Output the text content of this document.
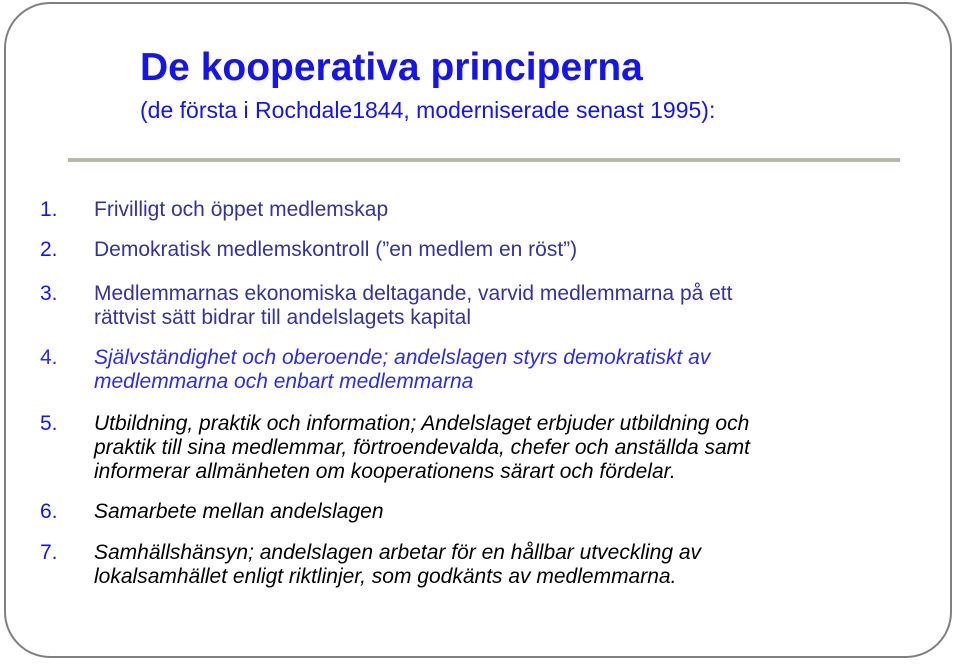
De kooperativa principerna
(de första i Rochdale1844, moderniserade senast 1995):
1.	Frivilligt och öppet medlemskap
2.	Demokratisk medlemskontroll (”en medlem en röst”)
3.	Medlemmarnas ekonomiska deltagande, varvid medlemmarna på ett
rättvist sätt bidrar till andelslagets kapital
4.	Självständighet och oberoende; andelslagen styrs demokratiskt av
medlemmarna och enbart medlemmarna
5.	Utbildning, praktik och information; Andelslaget erbjuder utbildning och
praktik till sina medlemmar, förtroendevalda, chefer och anställda samt
informerar allmänheten om kooperationens särart och fördelar.
6.	Samarbete mellan andelslagen
7.	Samhällshänsyn; andelslagen arbetar för en hållbar utveckling av
lokalsamhället enligt riktlinjer, som godkänts av medlemmarna.
